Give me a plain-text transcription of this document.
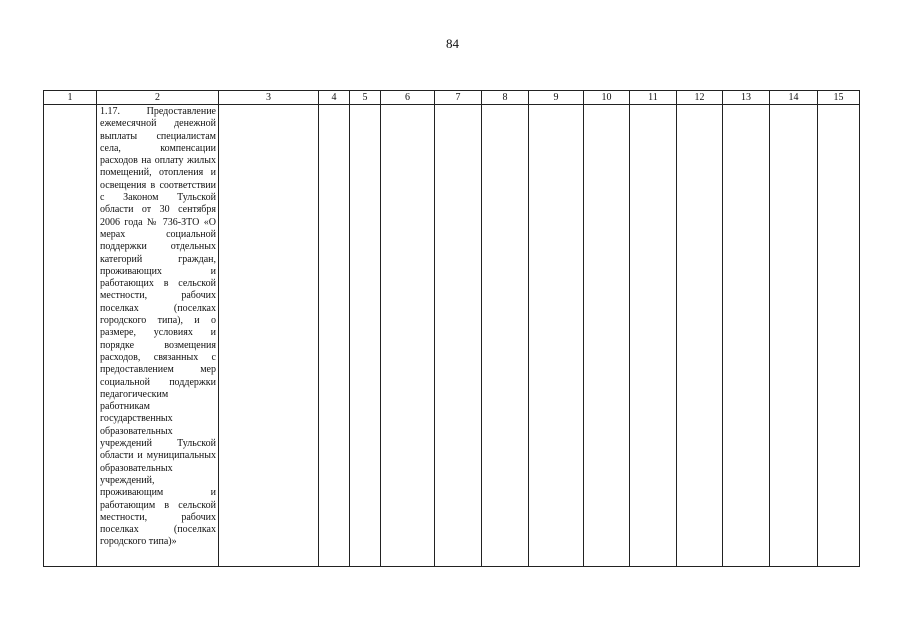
84
1	2	3	4	5	6	7	8	9	10	11	12	13	14	15

	1.17. Предоставление ежемесячной денежной выплаты специалистам села, компенсации расходов на оплату жилых помещений, отопления и освещения в соответствии с Законом Тульской области от 30 сентября 2006 года № 736-ЗТО «О мерах социальной поддержки отдельных категорий граждан, проживающих и работающих в сельской местности, рабочих поселках (поселках городского типа), и о размере, условиях и порядке возмещения расходов, связанных с предоставлением мер социальной поддержки педагогическим работникам государственных образовательных учреждений Тульской области и муниципальных образовательных учреждений, проживающим и работающим в сельской местности, рабочих поселках (поселках городского типа)»													
